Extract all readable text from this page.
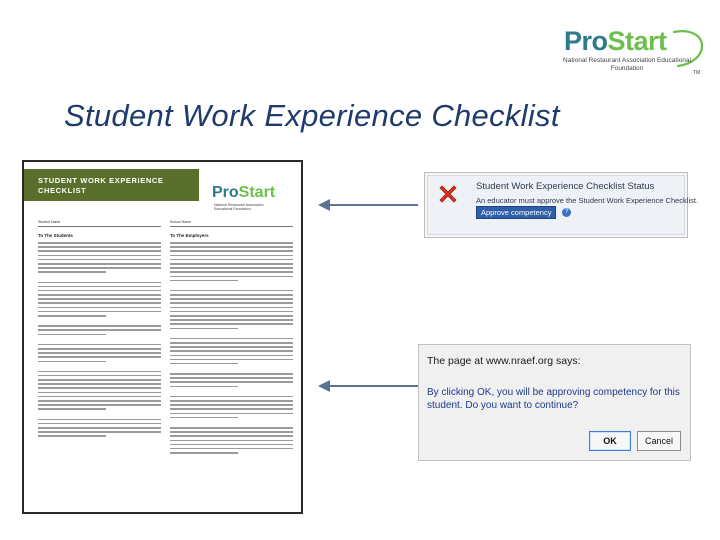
ProStart
National Restaurant Association Educational Foundation
TM
Student Work Experience Checklist
STUDENT WORK EXPERIENCE
CHECKLIST	ProStart
National Restaurant Association Educational Foundation
Student Name
To The Students
School Name
To The Employers
Student Work Experience Checklist Status
An educator must approve the Student Work Experience Checklist.
Approve competency	?
The page at www.nraef.org says:
By clicking OK, you will be approving competency for this student. Do you want to continue?
OK	Cancel
